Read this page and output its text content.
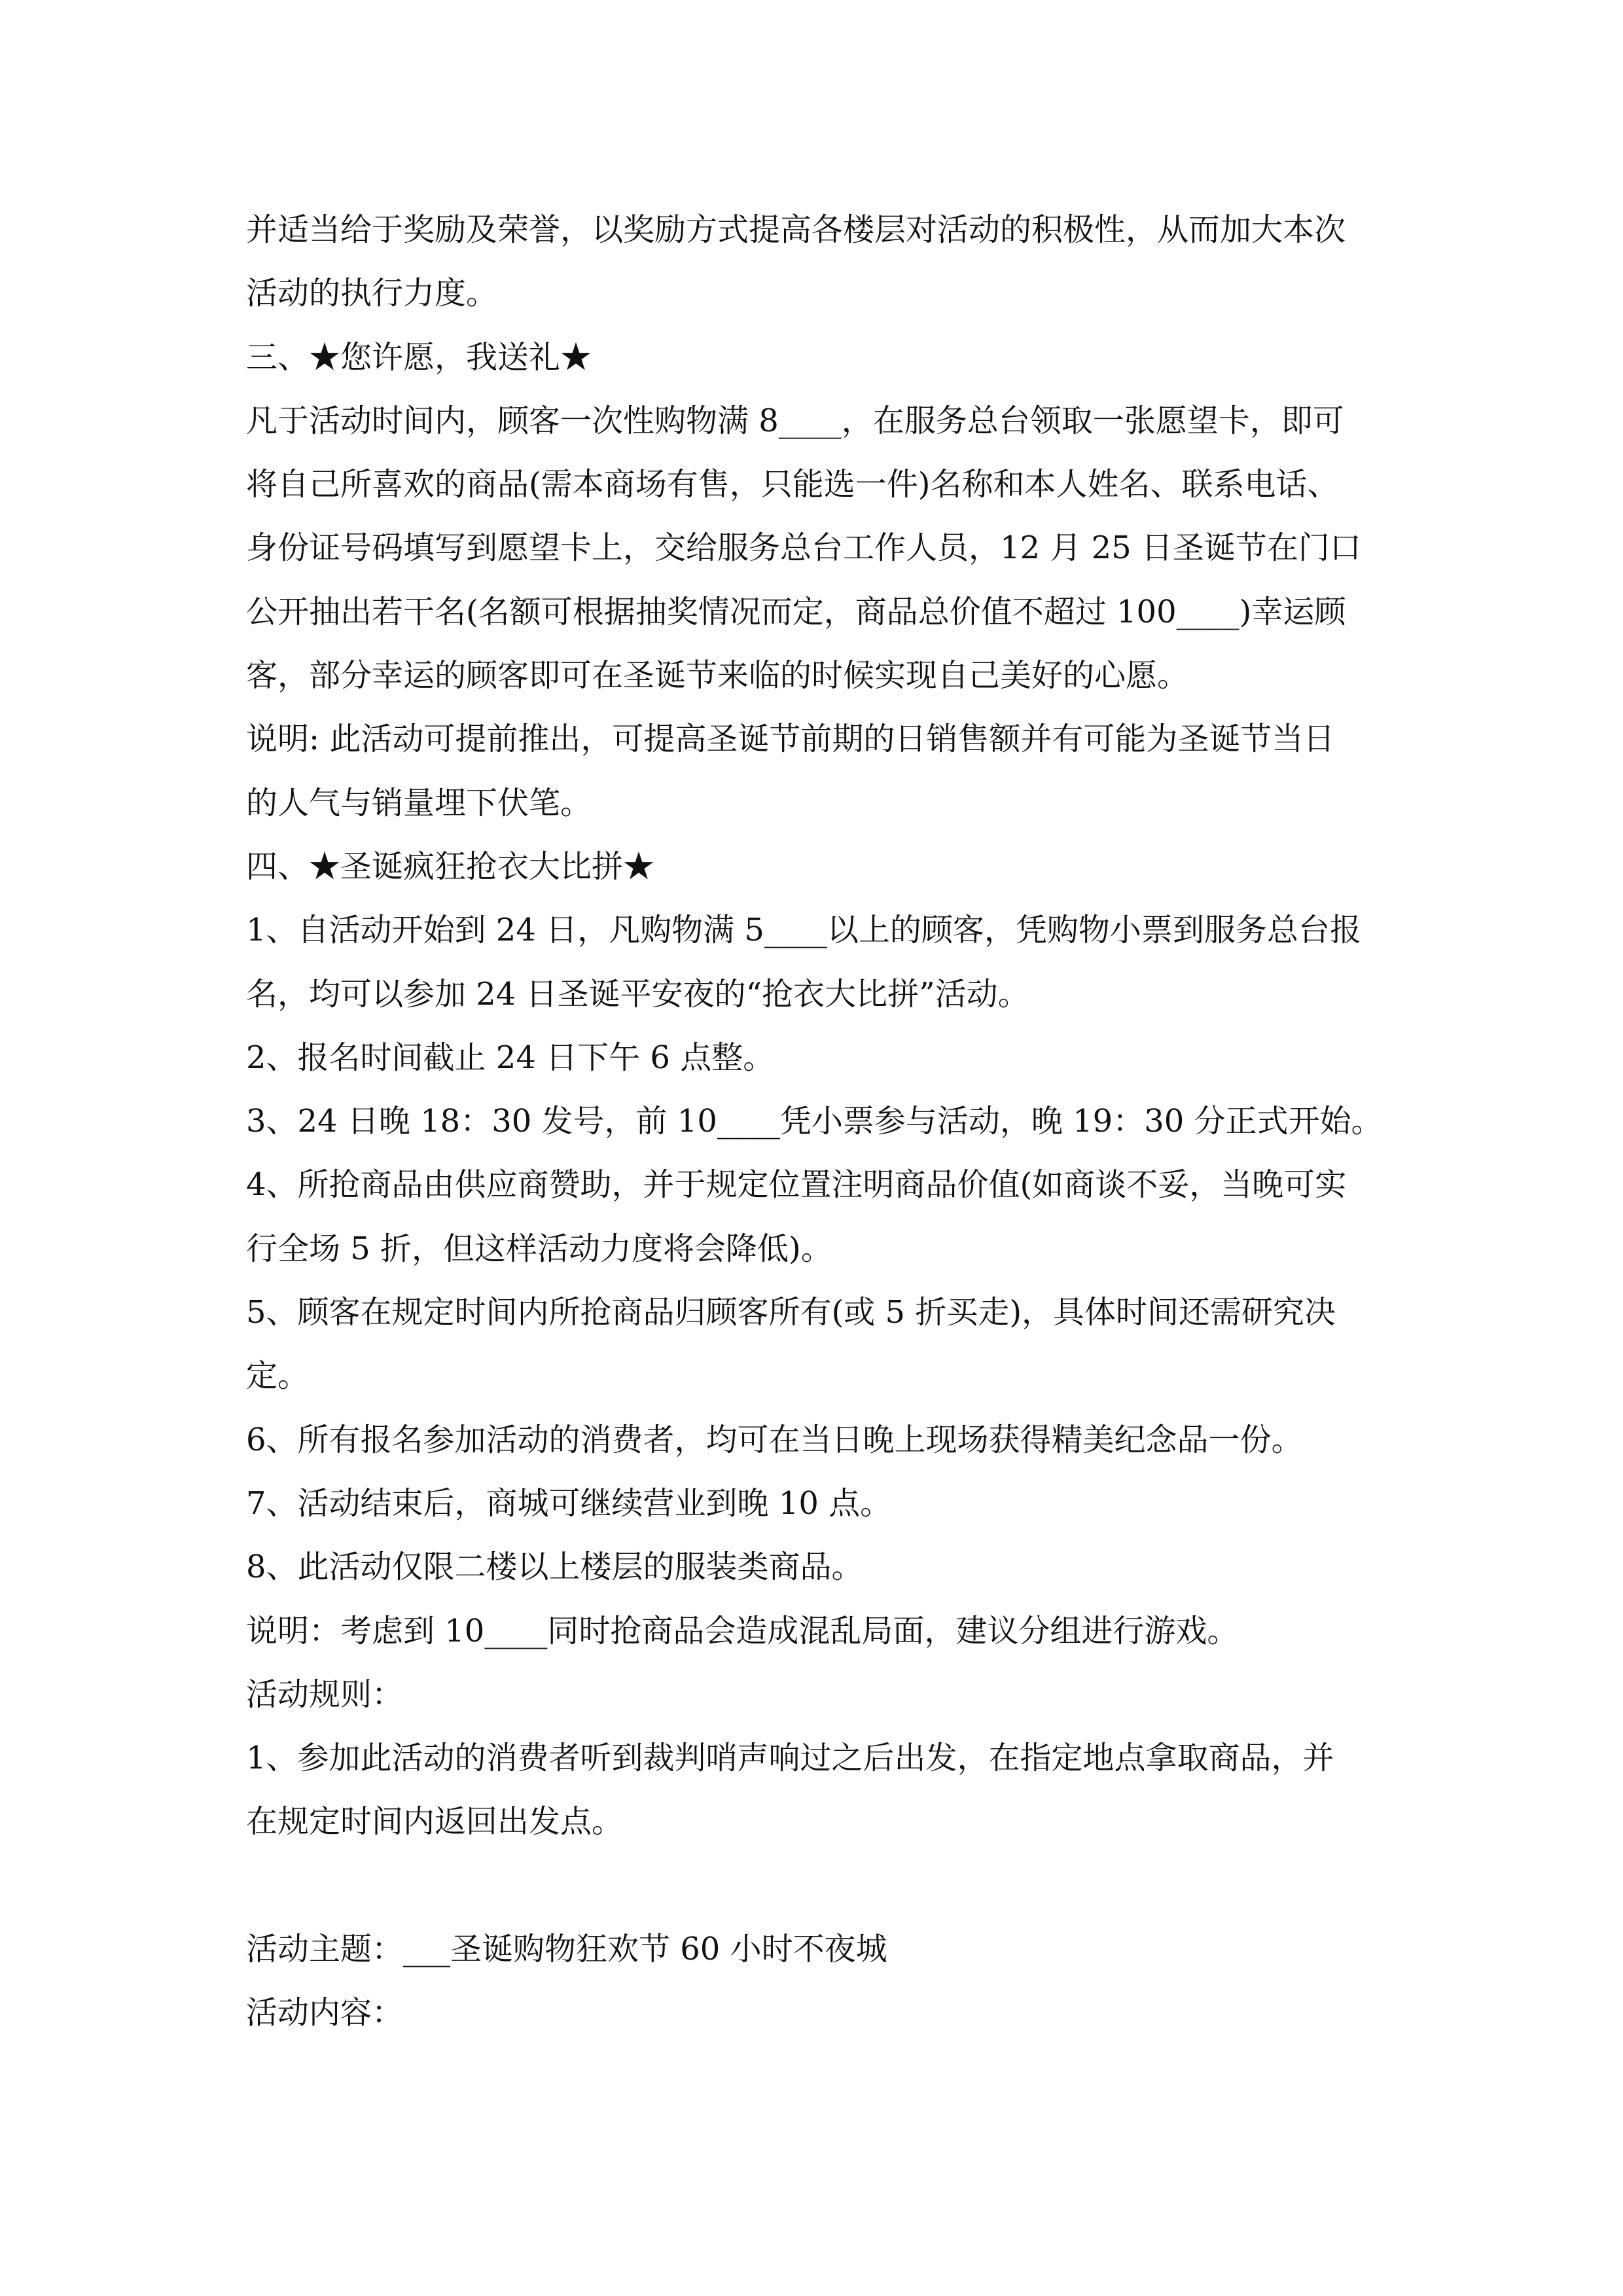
并适当给于奖励及荣誉，以奖励方式提高各楼层对活动的积极性，从而加大本次
活动的执行力度。
三、★您许愿，我送礼★
凡于活动时间内，顾客一次性购物满 8____，在服务总台领取一张愿望卡，即可
将自己所喜欢的商品(需本商场有售，只能选一件)名称和本人姓名、联系电话、
身份证号码填写到愿望卡上，交给服务总台工作人员，12 月 25 日圣诞节在门口
公开抽出若干名(名额可根据抽奖情况而定，商品总价值不超过 100____)幸运顾
客，部分幸运的顾客即可在圣诞节来临的时候实现自己美好的心愿。
说明: 此活动可提前推出，可提高圣诞节前期的日销售额并有可能为圣诞节当日
的人气与销量埋下伏笔。
四、★圣诞疯狂抢衣大比拼★
1、自活动开始到 24 日，凡购物满 5____以上的顾客，凭购物小票到服务总台报
名，均可以参加 24 日圣诞平安夜的“抢衣大比拼”活动。
2、报名时间截止 24 日下午 6 点整。
3、24 日晚 18：30 发号，前 10____凭小票参与活动，晚 19：30 分正式开始。
4、所抢商品由供应商赞助，并于规定位置注明商品价值(如商谈不妥，当晚可实
行全场 5 折，但这样活动力度将会降低)。
5、顾客在规定时间内所抢商品归顾客所有(或 5 折买走)，具体时间还需研究决
定。
6、所有报名参加活动的消费者，均可在当日晚上现场获得精美纪念品一份。
7、活动结束后，商城可继续营业到晚 10 点。
8、此活动仅限二楼以上楼层的服装类商品。
说明：考虑到 10____同时抢商品会造成混乱局面，建议分组进行游戏。
活动规则：
1、参加此活动的消费者听到裁判哨声响过之后出发，在指定地点拿取商品，并
在规定时间内返回出发点。
活动主题：___圣诞购物狂欢节 60 小时不夜城
活动内容：
